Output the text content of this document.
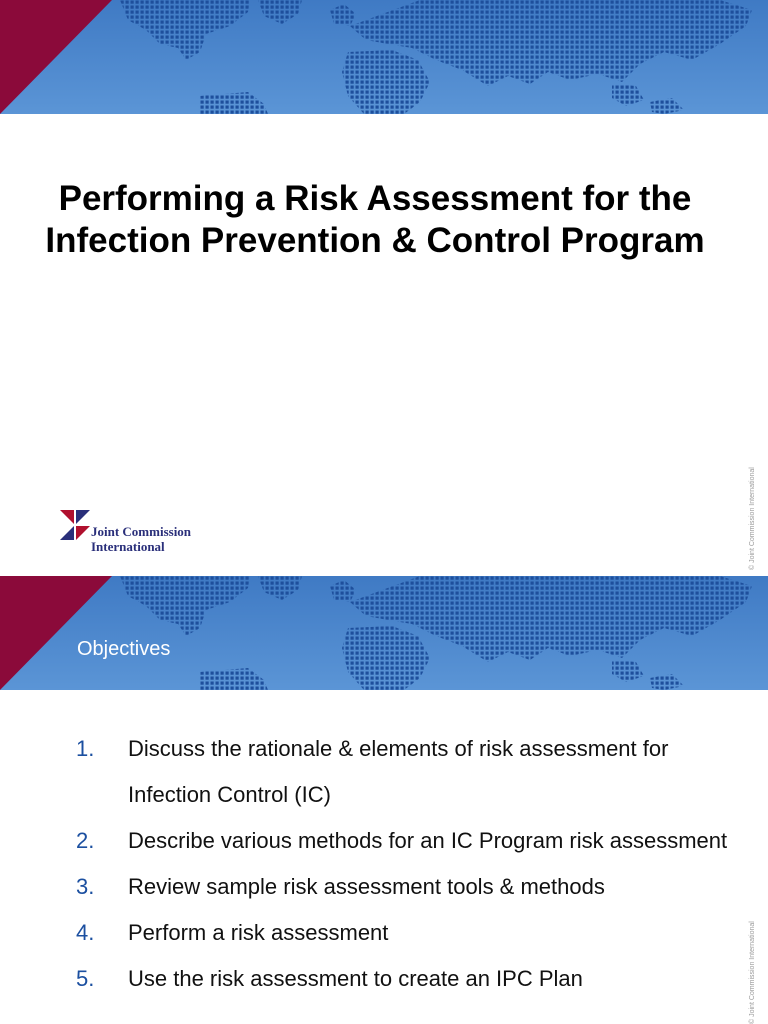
Performing a Risk Assessment for the Infection Prevention & Control Program
Joint Commission
International	© Joint Commission International
Objectives
1. Discuss the rationale & elements of risk assessment for Infection Control (IC)
2. Describe various methods for an IC Program risk assessment
3. Review sample risk assessment tools & methods
4. Perform a risk assessment
5. Use the risk assessment to create an IPC Plan	© Joint Commission International
